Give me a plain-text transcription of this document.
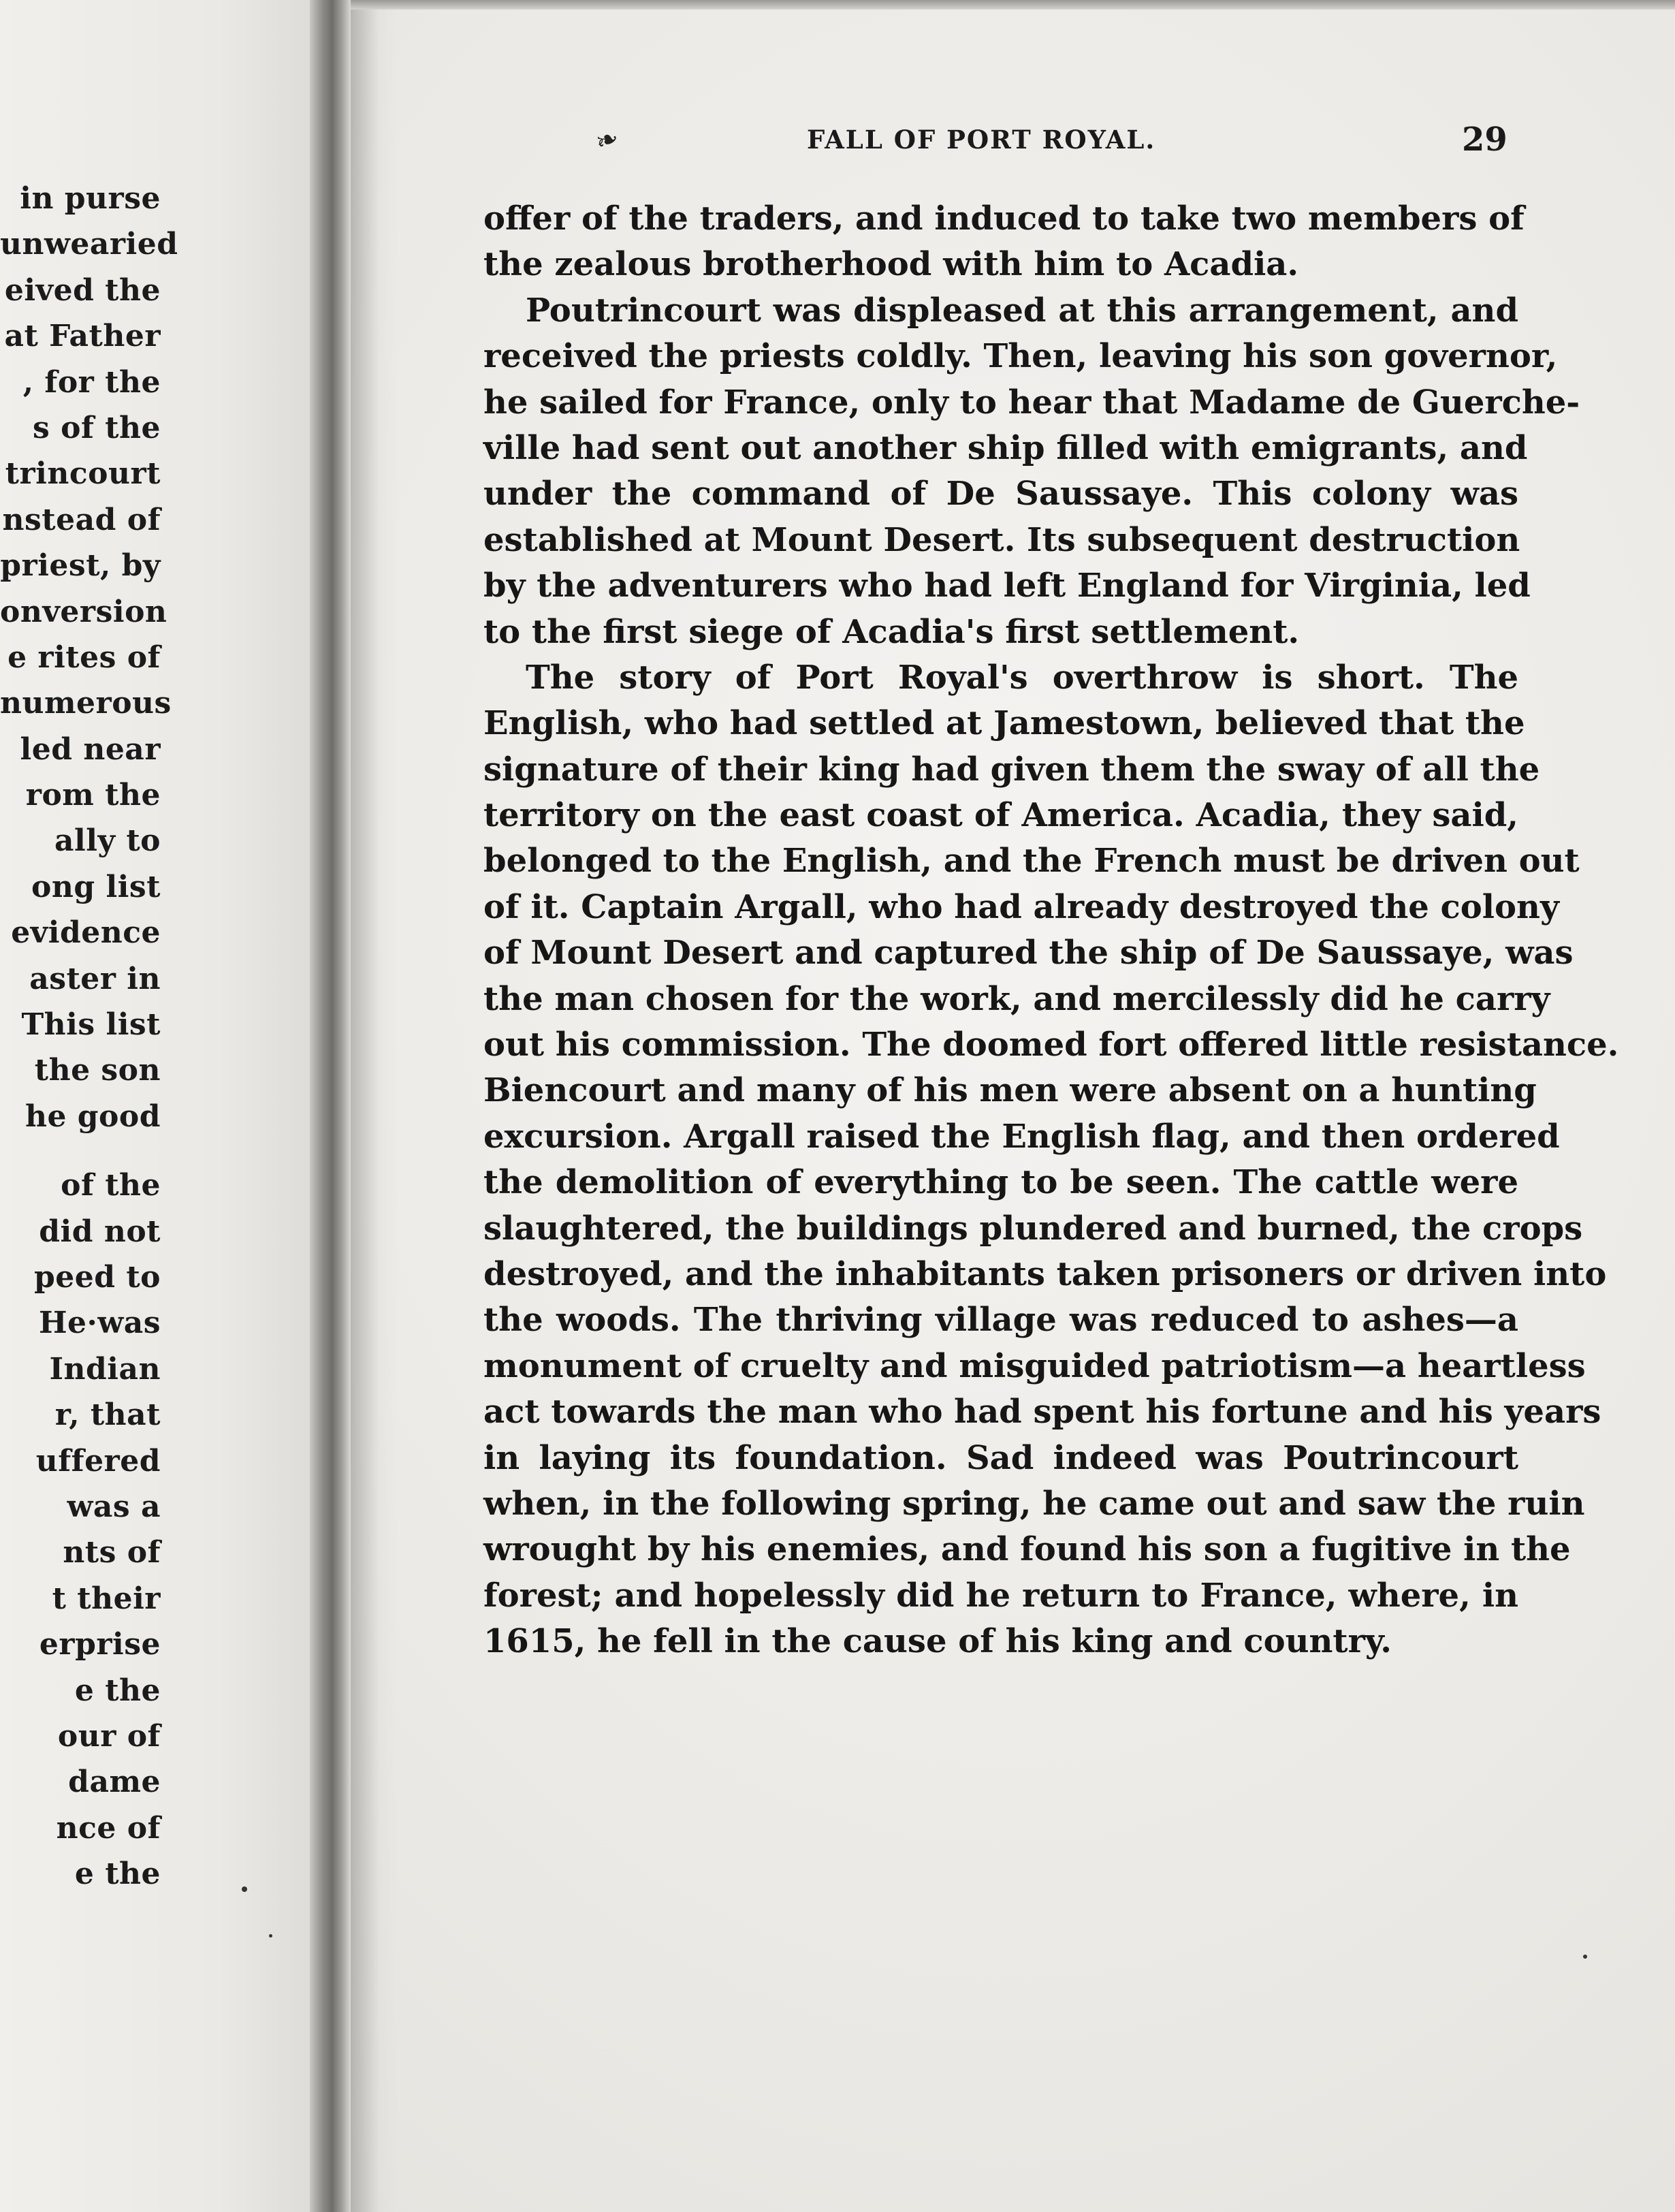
in purse
unwearied
eived the
at Father
, for the
s of the
trincourt
nstead of
priest, by
onversion
e rites of
numerous
led near
rom the
ally to
ong list
evidence
aster in
This list
the son
he good
of the
did not
peed to
He·was
Indian
r, that
uffered
was a
nts of
t their
erprise
e the
our of
dame
nce of
e the
❧	FALL OF PORT ROYAL.	29
offer of the traders, and induced to take two members of
the zealous brotherhood with him to Acadia.
Poutrincourt was displeased at this arrangement, and
received the priests coldly. Then, leaving his son governor,
he sailed for France, only to hear that Madame de Guerche-
ville had sent out another ship filled with emigrants, and
under the command of De Saussaye. This colony was
established at Mount Desert. Its subsequent destruction
by the adventurers who had left England for Virginia, led
to the first siege of Acadia's first settlement.
The story of Port Royal's overthrow is short. The
English, who had settled at Jamestown, believed that the
signature of their king had given them the sway of all the
territory on the east coast of America. Acadia, they said,
belonged to the English, and the French must be driven out
of it. Captain Argall, who had already destroyed the colony
of Mount Desert and captured the ship of De Saussaye, was
the man chosen for the work, and mercilessly did he carry
out his commission. The doomed fort offered little resistance.
Biencourt and many of his men were absent on a hunting
excursion. Argall raised the English flag, and then ordered
the demolition of everything to be seen. The cattle were
slaughtered, the buildings plundered and burned, the crops
destroyed, and the inhabitants taken prisoners or driven into
the woods. The thriving village was reduced to ashes—a
monument of cruelty and misguided patriotism—a heartless
act towards the man who had spent his fortune and his years
in laying its foundation. Sad indeed was Poutrincourt
when, in the following spring, he came out and saw the ruin
wrought by his enemies, and found his son a fugitive in the
forest; and hopelessly did he return to France, where, in
1615, he fell in the cause of his king and country.
